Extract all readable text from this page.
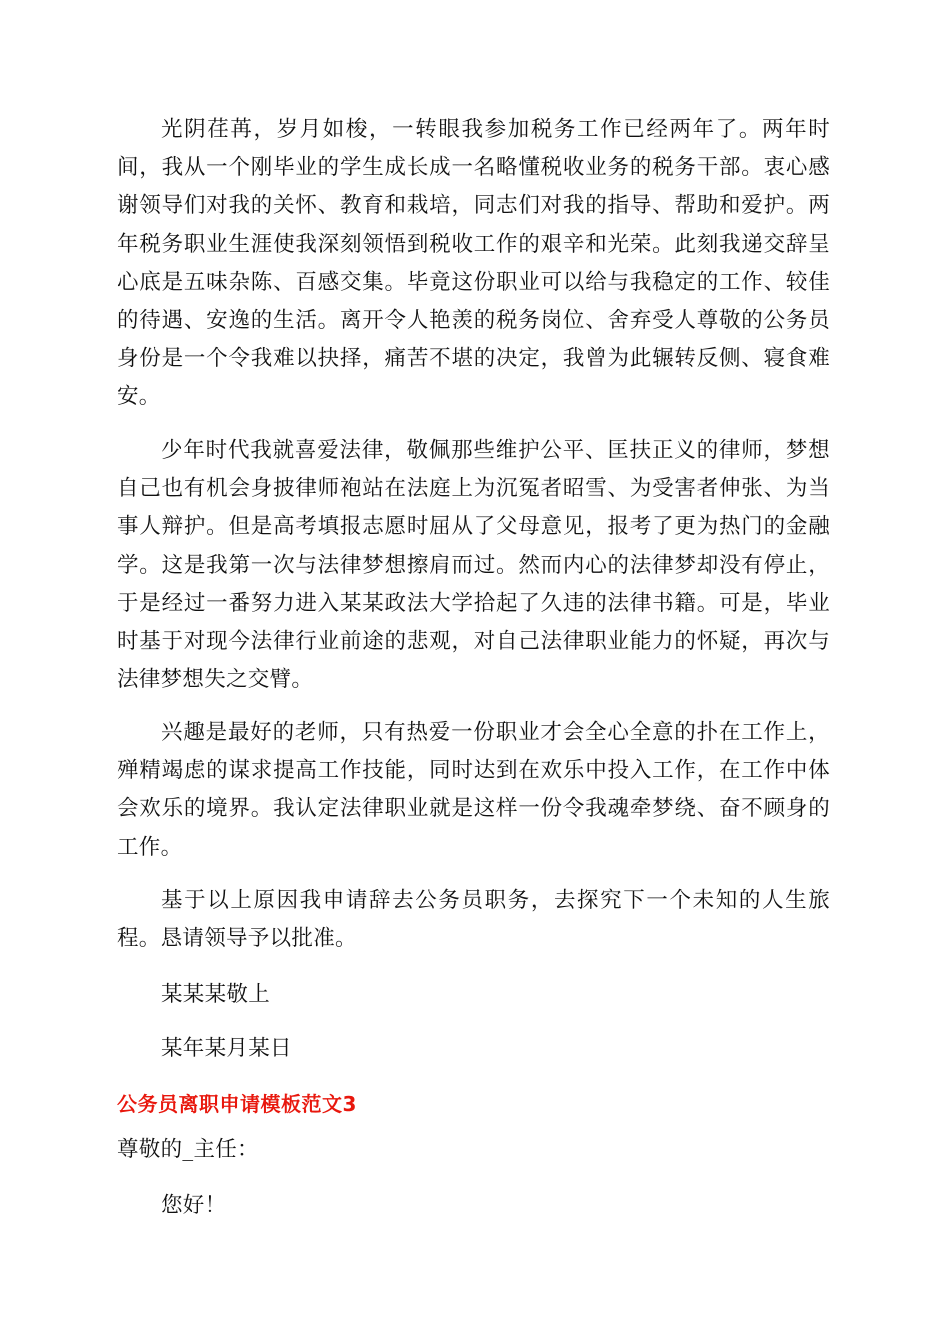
光阴荏苒，岁月如梭，一转眼我参加税务工作已经两年了。两年时间，我从一个刚毕业的学生成长成一名略懂税收业务的税务干部。衷心感谢领导们对我的关怀、教育和栽培，同志们对我的指导、帮助和爱护。两年税务职业生涯使我深刻领悟到税收工作的艰辛和光荣。此刻我递交辞呈心底是五味杂陈、百感交集。毕竟这份职业可以给与我稳定的工作、较佳的待遇、安逸的生活。离开令人艳羡的税务岗位、舍弃受人尊敬的公务员身份是一个令我难以抉择，痛苦不堪的决定，我曾为此辗转反侧、寝食难安。

少年时代我就喜爱法律，敬佩那些维护公平、匡扶正义的律师，梦想自己也有机会身披律师袍站在法庭上为沉冤者昭雪、为受害者伸张、为当事人辩护。但是高考填报志愿时屈从了父母意见，报考了更为热门的金融学。这是我第一次与法律梦想擦肩而过。然而内心的法律梦却没有停止，于是经过一番努力进入某某政法大学拾起了久违的法律书籍。可是，毕业时基于对现今法律行业前途的悲观，对自己法律职业能力的怀疑，再次与法律梦想失之交臂。

兴趣是最好的老师，只有热爱一份职业才会全心全意的扑在工作上，殚精竭虑的谋求提高工作技能，同时达到在欢乐中投入工作，在工作中体会欢乐的境界。我认定法律职业就是这样一份令我魂牵梦绕、奋不顾身的工作。

基于以上原因我申请辞去公务员职务，去探究下一个未知的人生旅程。恳请领导予以批准。

某某某敬上

某年某月某日

公务员离职申请模板范文3

尊敬的_主任：

您好！
